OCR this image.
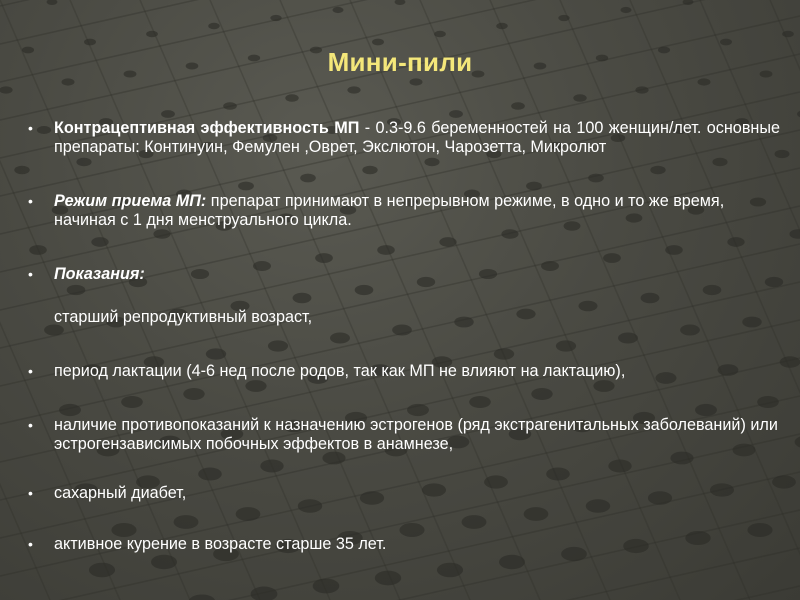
Мини-пили
•	Контрацептивная эффективность МП - 0.3-9.6 беременностей на 100 женщин/лет. основные препараты: Континуин, Фемулен ,Оврет, Экслютон, Чарозетта, Микролют
•	Режим приема МП: препарат принимают в непрерывном режиме, в одно и то же время, начиная с 1 дня менструального цикла.
•	Показания:
старший репродуктивный возраст,
•	период лактации (4-6 нед после родов, так как МП не влияют на лактацию),
•	наличие противопоказаний к назначению эстрогенов (ряд экстрагенитальных заболеваний) или эстрогензависимых побочных эффектов в анамнезе,
•	сахарный диабет,
•	активное курение в возрасте старше 35 лет.
